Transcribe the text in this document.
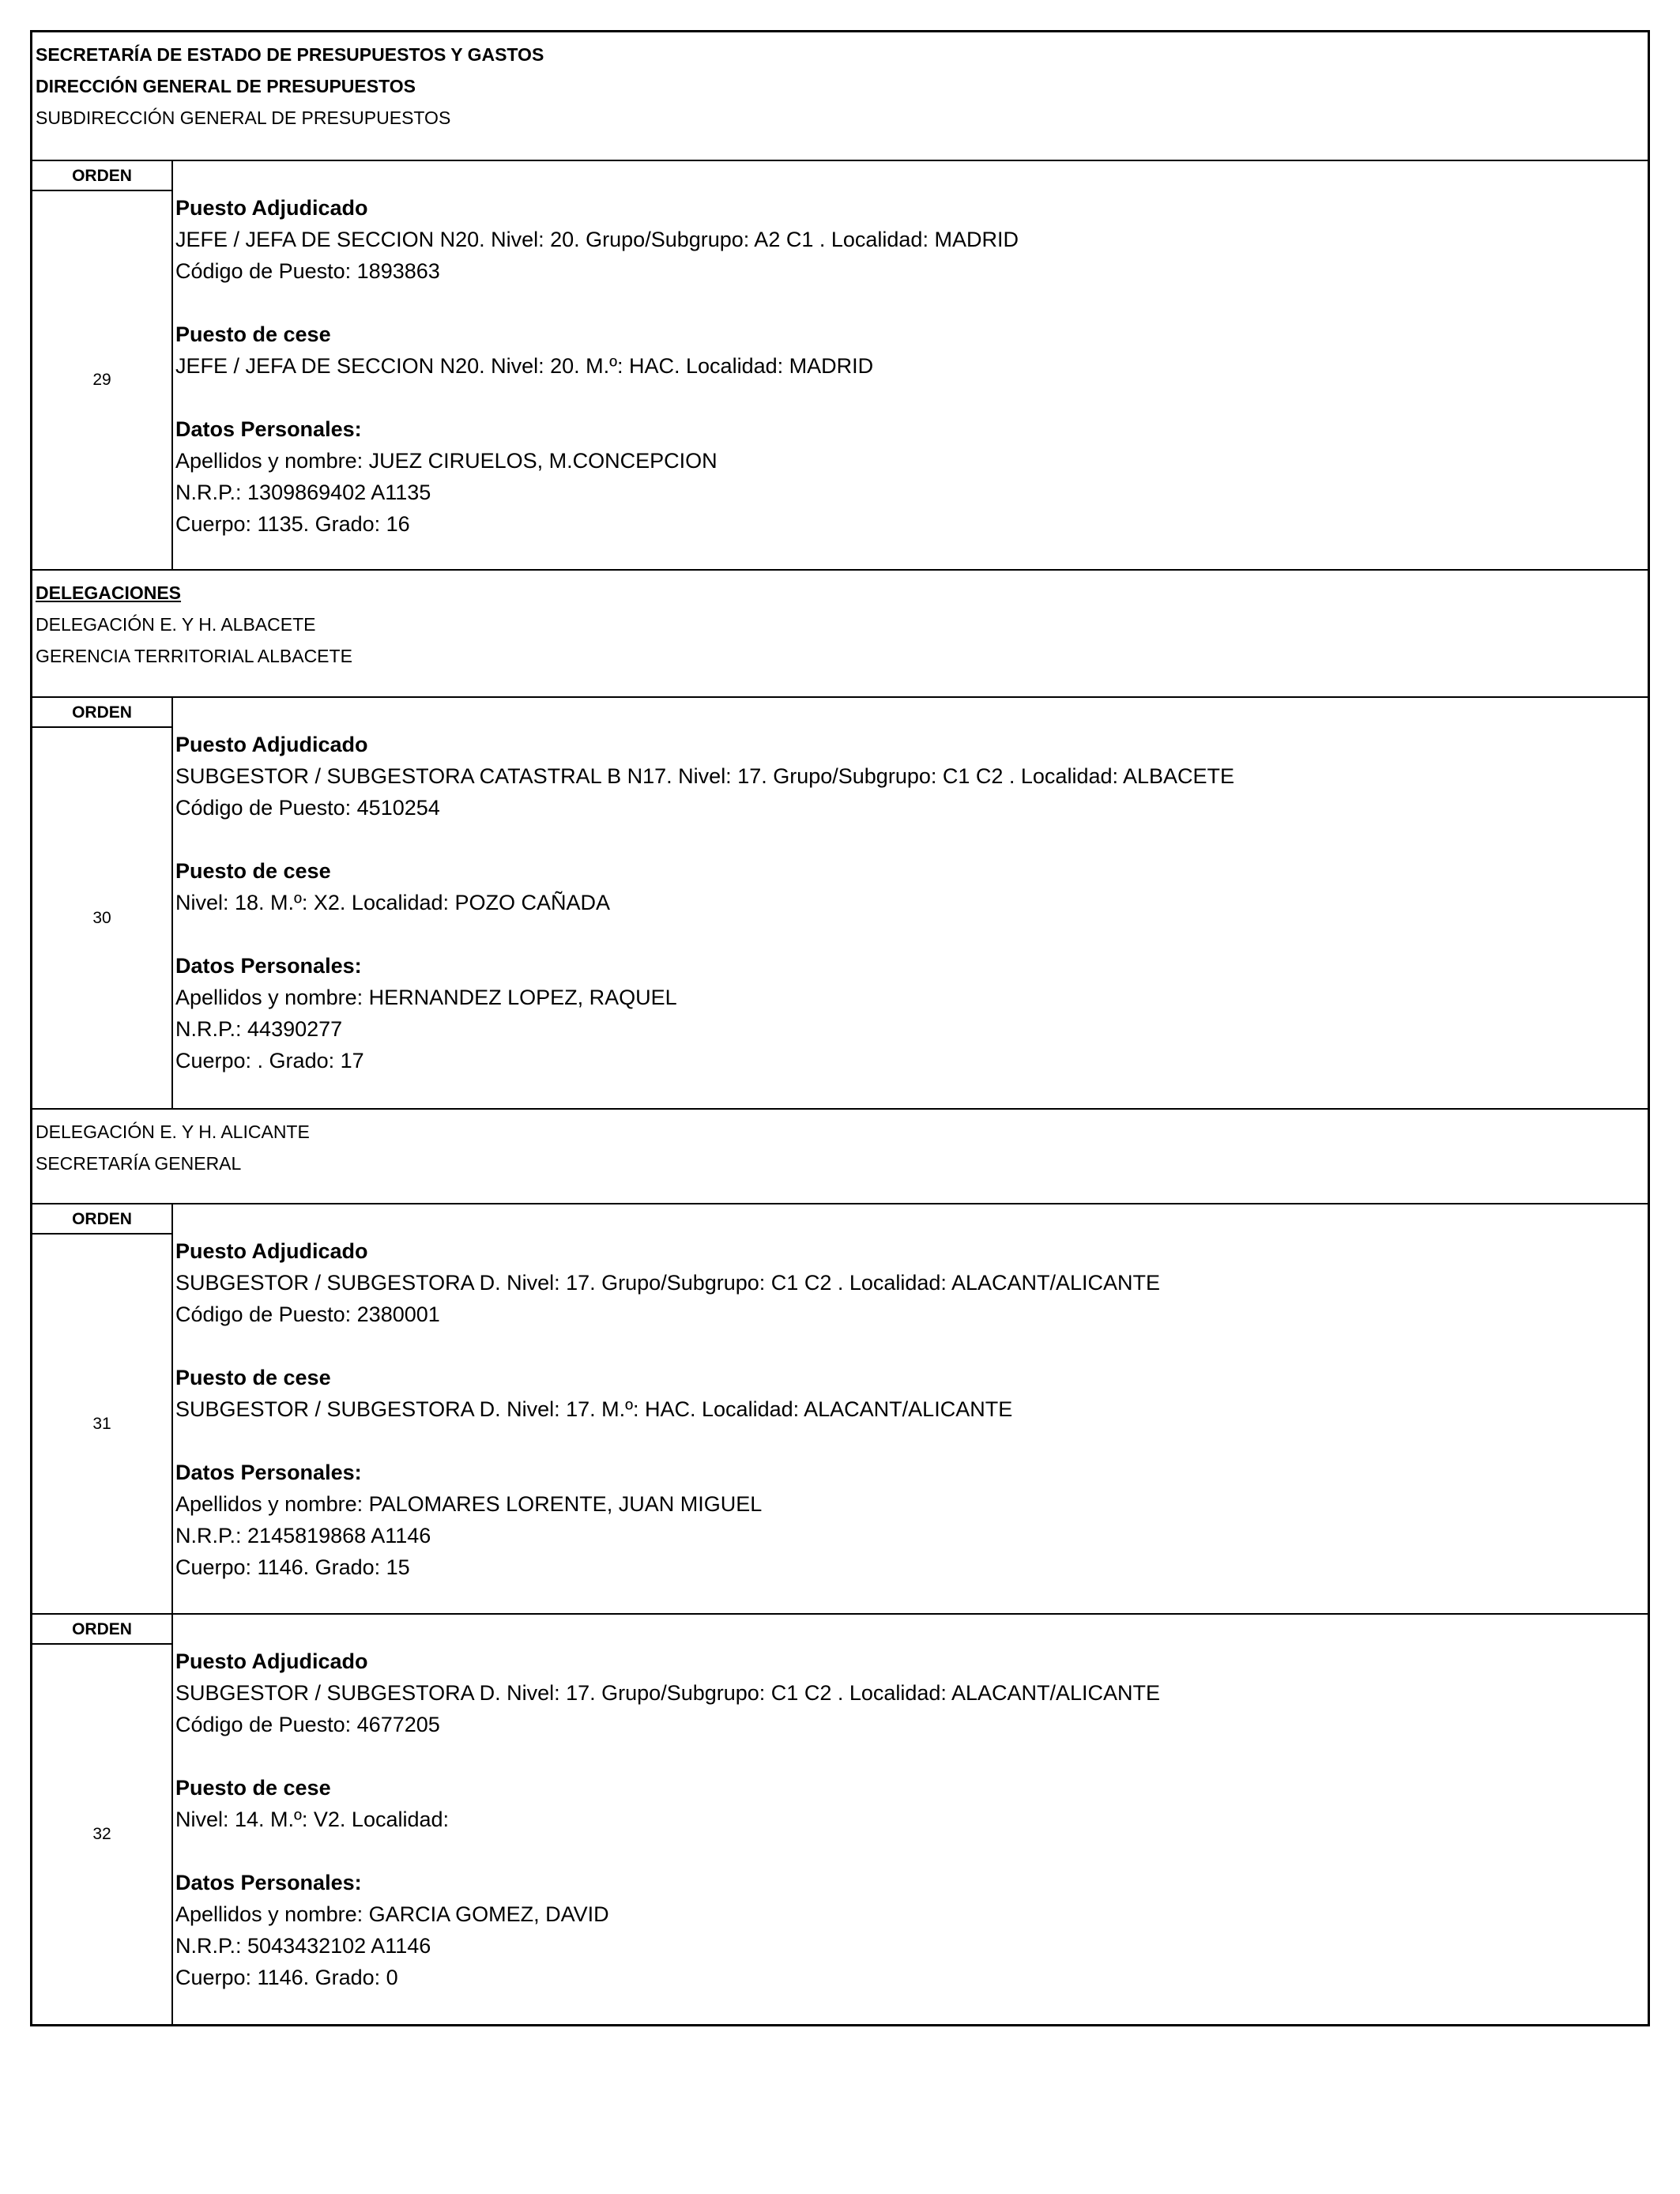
SECRETARÍA DE ESTADO DE PRESUPUESTOS Y GASTOS
DIRECCIÓN GENERAL DE PRESUPUESTOS
SUBDIRECCIÓN GENERAL DE PRESUPUESTOS
ORDEN
29
Puesto Adjudicado
JEFE / JEFA DE SECCION N20. Nivel: 20. Grupo/Subgrupo: A2 C1 . Localidad: MADRID
Código de Puesto: 1893863
Puesto de cese
JEFE / JEFA DE SECCION N20. Nivel: 20. M.º: HAC. Localidad: MADRID
Datos Personales:
Apellidos y nombre: JUEZ CIRUELOS, M.CONCEPCION
N.R.P.: 1309869402 A1135
Cuerpo: 1135. Grado: 16
DELEGACIONES
DELEGACIÓN E. Y H. ALBACETE
GERENCIA TERRITORIAL ALBACETE
ORDEN
30
Puesto Adjudicado
SUBGESTOR / SUBGESTORA CATASTRAL B N17. Nivel: 17. Grupo/Subgrupo: C1 C2 . Localidad: ALBACETE
Código de Puesto: 4510254
Puesto de cese
Nivel: 18. M.º: X2. Localidad: POZO CAÑADA
Datos Personales:
Apellidos y nombre: HERNANDEZ LOPEZ, RAQUEL
N.R.P.: 44390277
Cuerpo: . Grado: 17
DELEGACIÓN E. Y H. ALICANTE
SECRETARÍA GENERAL
ORDEN
31
Puesto Adjudicado
SUBGESTOR / SUBGESTORA D. Nivel: 17. Grupo/Subgrupo: C1 C2 . Localidad: ALACANT/ALICANTE
Código de Puesto: 2380001
Puesto de cese
SUBGESTOR / SUBGESTORA D. Nivel: 17. M.º: HAC. Localidad: ALACANT/ALICANTE
Datos Personales:
Apellidos y nombre: PALOMARES LORENTE, JUAN MIGUEL
N.R.P.: 2145819868 A1146
Cuerpo: 1146. Grado: 15
ORDEN
32
Puesto Adjudicado
SUBGESTOR / SUBGESTORA D. Nivel: 17. Grupo/Subgrupo: C1 C2 . Localidad: ALACANT/ALICANTE
Código de Puesto: 4677205
Puesto de cese
Nivel: 14. M.º: V2. Localidad:
Datos Personales:
Apellidos y nombre: GARCIA GOMEZ, DAVID
N.R.P.: 5043432102 A1146
Cuerpo: 1146. Grado: 0
